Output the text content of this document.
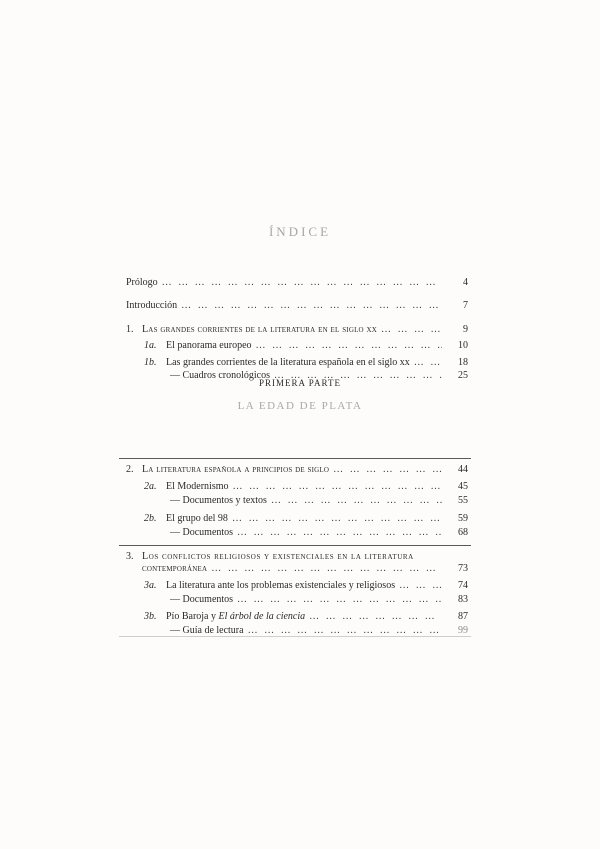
ÍNDICE
Prólogo … … … … … … … … … … … … … … … … … … … … … … … … … … … … … … … … …	4
Introducción … … … … … … … … … … … … … … … … … … … … … … … … … … … … … … … … …	7
1. Las grandes corrientes de la literatura en el siglo xx … … … … … … … … … … … … … … … … … … … … … … … … … … … … … … … … …	9
1a. El panorama europeo … … … … … … … … … … … … … … … … … … … … … … … … … … … … … … … … …	10
1b. Las grandes corrientes de la literatura española en el siglo xx … … … … … … … … … … … … … … … … … … … … … … … … … … … … … … … … …	18
— Cuadros cronológicos … … … … … … … … … … … … … … … … … … … … … … … … … … … … … … … … …	25
PRIMERA PARTE
LA EDAD DE PLATA
2. La literatura española a principios de siglo … … … … … … … … … … … … … … … … … … … … … … … … … … … … … … … … …	44
2a. El Modernismo … … … … … … … … … … … … … … … … … … … … … … … … … … … … … … … … …	45
— Documentos y textos … … … … … … … … … … … … … … … … … … … … … … … … … … … … … … … … …	55
2b. El grupo del 98 … … … … … … … … … … … … … … … … … … … … … … … … … … … … … … … … …	59
— Documentos … … … … … … … … … … … … … … … … … … … … … … … … … … … … … … … … …	68
3. Los conflictos religiosos y existenciales en la literatura
contemporánea … … … … … … … … … … … … … … … … … … … … … … … … … … … … … … … … …	73
3a. La literatura ante los problemas existenciales y religiosos … … … … … … … … … … … … … … … … … … … … … … … … … … … … … … … … …	74
— Documentos … … … … … … … … … … … … … … … … … … … … … … … … … … … … … … … … …	83
3b. Pío Baroja y El árbol de la ciencia … … … … … … … … … … … … … … … … … … … … … … … … … … … … … … … … …	87
— Guía de lectura … … … … … … … … … … … … … … … … … … … … … … … … … … … … … … … … …	99
